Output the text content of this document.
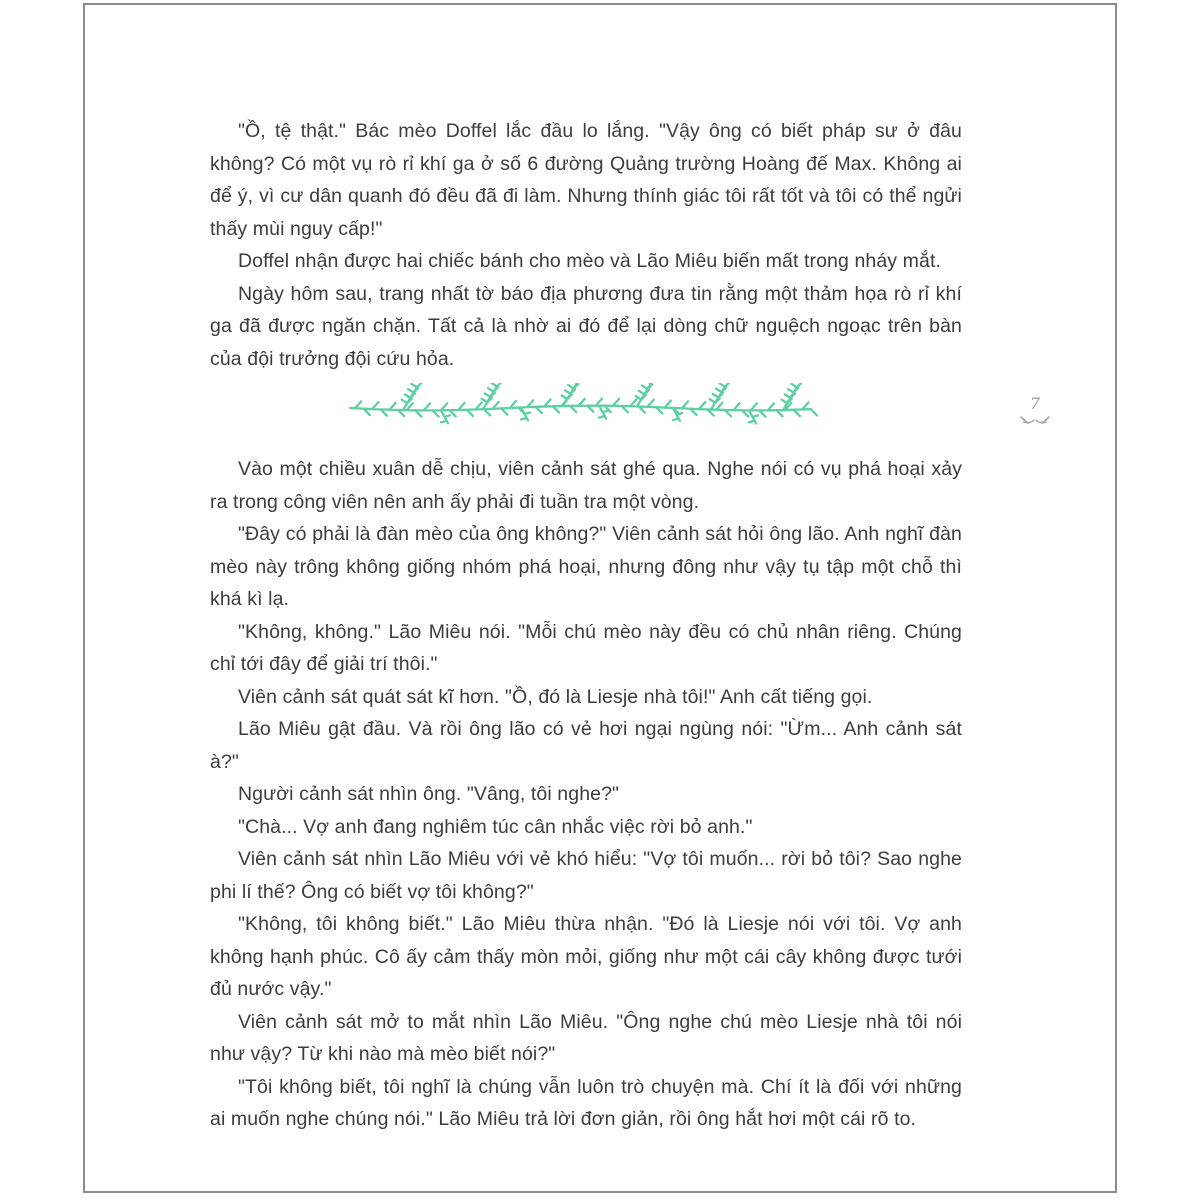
"Ồ, tệ thật." Bác mèo Doffel lắc đầu lo lắng. "Vậy ông có biết pháp sư ở đâu không? Có một vụ rò rỉ khí ga ở số 6 đường Quảng trường Hoàng đế Max. Không ai để ý, vì cư dân quanh đó đều đã đi làm. Nhưng thính giác tôi rất tốt và tôi có thể ngửi thấy mùi nguy cấp!"

Doffel nhận được hai chiếc bánh cho mèo và Lão Miêu biến mất trong nháy mắt.

Ngày hôm sau, trang nhất tờ báo địa phương đưa tin rằng một thảm họa rò rỉ khí ga đã được ngăn chặn. Tất cả là nhờ ai đó để lại dòng chữ nguệch ngoạc trên bàn của đội trưởng đội cứu hỏa.

7

Vào một chiều xuân dễ chịu, viên cảnh sát ghé qua. Nghe nói có vụ phá hoại xảy ra trong công viên nên anh ấy phải đi tuần tra một vòng.

"Đây có phải là đàn mèo của ông không?" Viên cảnh sát hỏi ông lão. Anh nghĩ đàn mèo này trông không giống nhóm phá hoại, nhưng đông như vậy tụ tập một chỗ thì khá kì lạ.

"Không, không." Lão Miêu nói. "Mỗi chú mèo này đều có chủ nhân riêng. Chúng chỉ tới đây để giải trí thôi."

Viên cảnh sát quát sát kĩ hơn. "Ồ, đó là Liesje nhà tôi!" Anh cất tiếng gọi.

Lão Miêu gật đầu. Và rồi ông lão có vẻ hơi ngại ngùng nói: "Ừm... Anh cảnh sát à?"

Người cảnh sát nhìn ông. "Vâng, tôi nghe?"

"Chà... Vợ anh đang nghiêm túc cân nhắc việc rời bỏ anh."

Viên cảnh sát nhìn Lão Miêu với vẻ khó hiểu: "Vợ tôi muốn... rời bỏ tôi? Sao nghe phi lí thế? Ông có biết vợ tôi không?"

"Không, tôi không biết." Lão Miêu thừa nhận. "Đó là Liesje nói với tôi. Vợ anh không hạnh phúc. Cô ấy cảm thấy mòn mỏi, giống như một cái cây không được tưới đủ nước vậy."

Viên cảnh sát mở to mắt nhìn Lão Miêu. "Ông nghe chú mèo Liesje nhà tôi nói như vậy? Từ khi nào mà mèo biết nói?"

"Tôi không biết, tôi nghĩ là chúng vẫn luôn trò chuyện mà. Chí ít là đối với những ai muốn nghe chúng nói." Lão Miêu trả lời đơn giản, rồi ông hắt hơi một cái rõ to.
